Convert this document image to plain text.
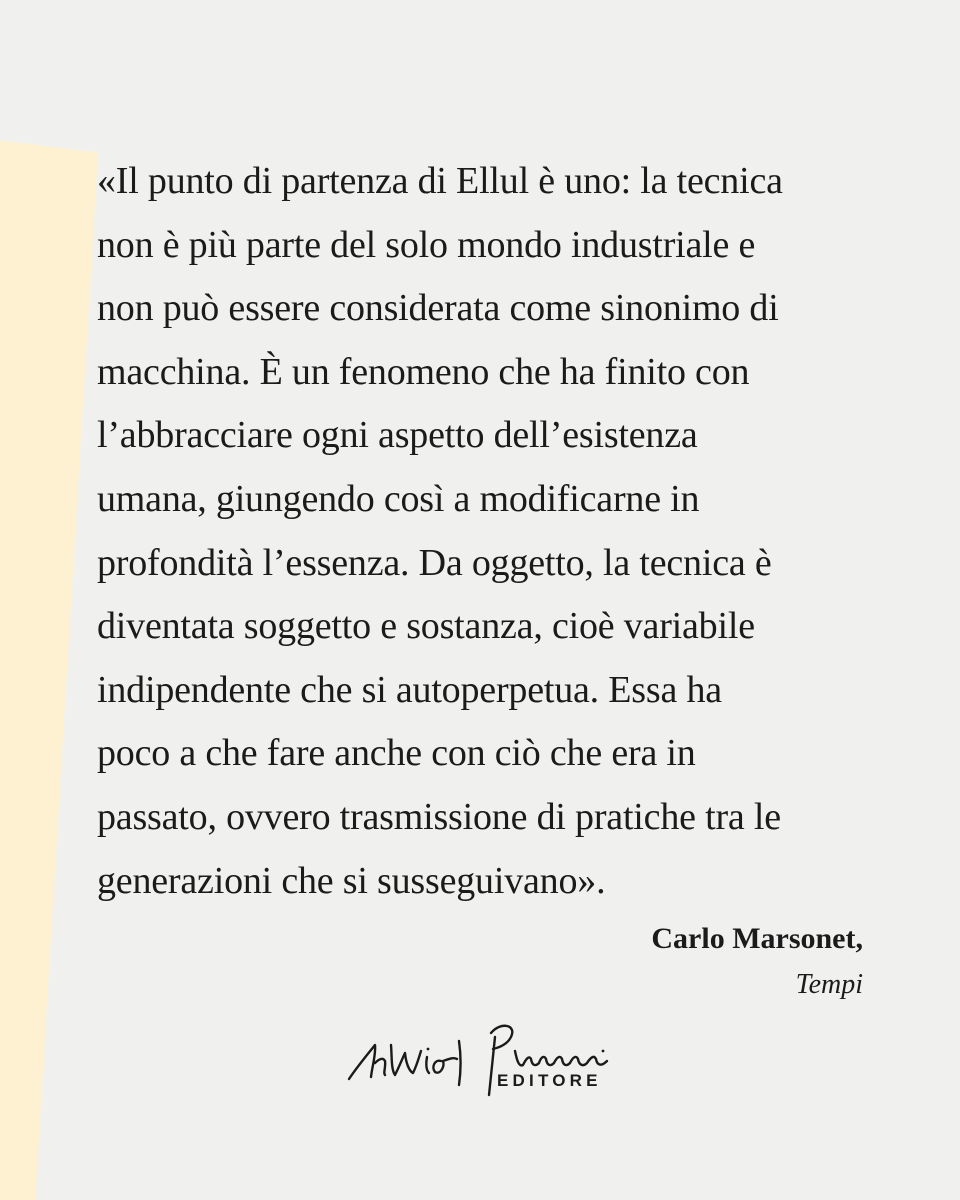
«Il punto di partenza di Ellul è uno: la tecnica
non è più parte del solo mondo industriale e
non può essere considerata come sinonimo di
macchina. È un fenomeno che ha finito con
l’abbracciare ogni aspetto dell’esistenza
umana, giungendo così a modificarne in
profondità l’essenza. Da oggetto, la tecnica è
diventata soggetto e sostanza, cioè variabile
indipendente che si autoperpetua. Essa ha
poco a che fare anche con ciò che era in
passato, ovvero trasmissione di pratiche tra le
generazioni che si susseguivano».

Carlo Marsonet,
Tempi
EDITORE
